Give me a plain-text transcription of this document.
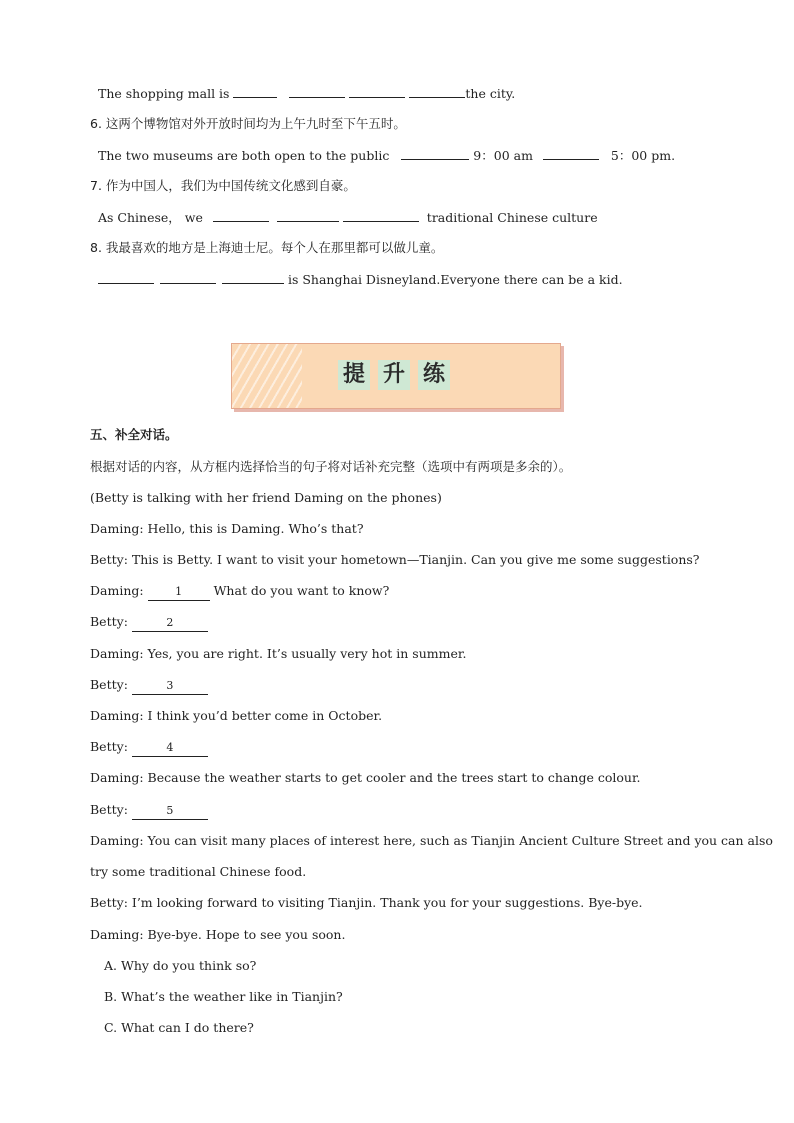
The shopping mall is	the city.
6. 这两个博物馆对外开放时间均为上午九时至下午五时。
The two museums are both open to the public	9：00 am	5：00 pm.
7. 作为中国人，我们为中国传统文化感到自豪。
As Chinese， we	traditional Chinese culture
8. 我最喜欢的地方是上海迪士尼。每个人在那里都可以做儿童。
is Shanghai Disneyland.Everyone there can be a kid.
提 升 练
五、补全对话。
根据对话的内容，从方框内选择恰当的句子将对话补充完整（选项中有两项是多余的）。
(Betty is talking with her friend Daming on the phones)
Daming: Hello, this is Daming. Who’s that?
Betty: This is Betty. I want to visit your hometown—Tianjin. Can you give me some suggestions?
Daming:	1	What do you want to know?
Betty:	2
Daming: Yes, you are right. It’s usually very hot in summer.
Betty:	3
Daming: I think you’d better come in October.
Betty:	4
Daming: Because the weather starts to get cooler and the trees start to change colour.
Betty:	5
Daming: You can visit many places of interest here, such as Tianjin Ancient Culture Street and you can also
try some traditional Chinese food.
Betty: I’m looking forward to visiting Tianjin. Thank you for your suggestions. Bye-bye.
Daming: Bye-bye. Hope to see you soon.
A. Why do you think so?
B. What’s the weather like in Tianjin?
C. What can I do there?
